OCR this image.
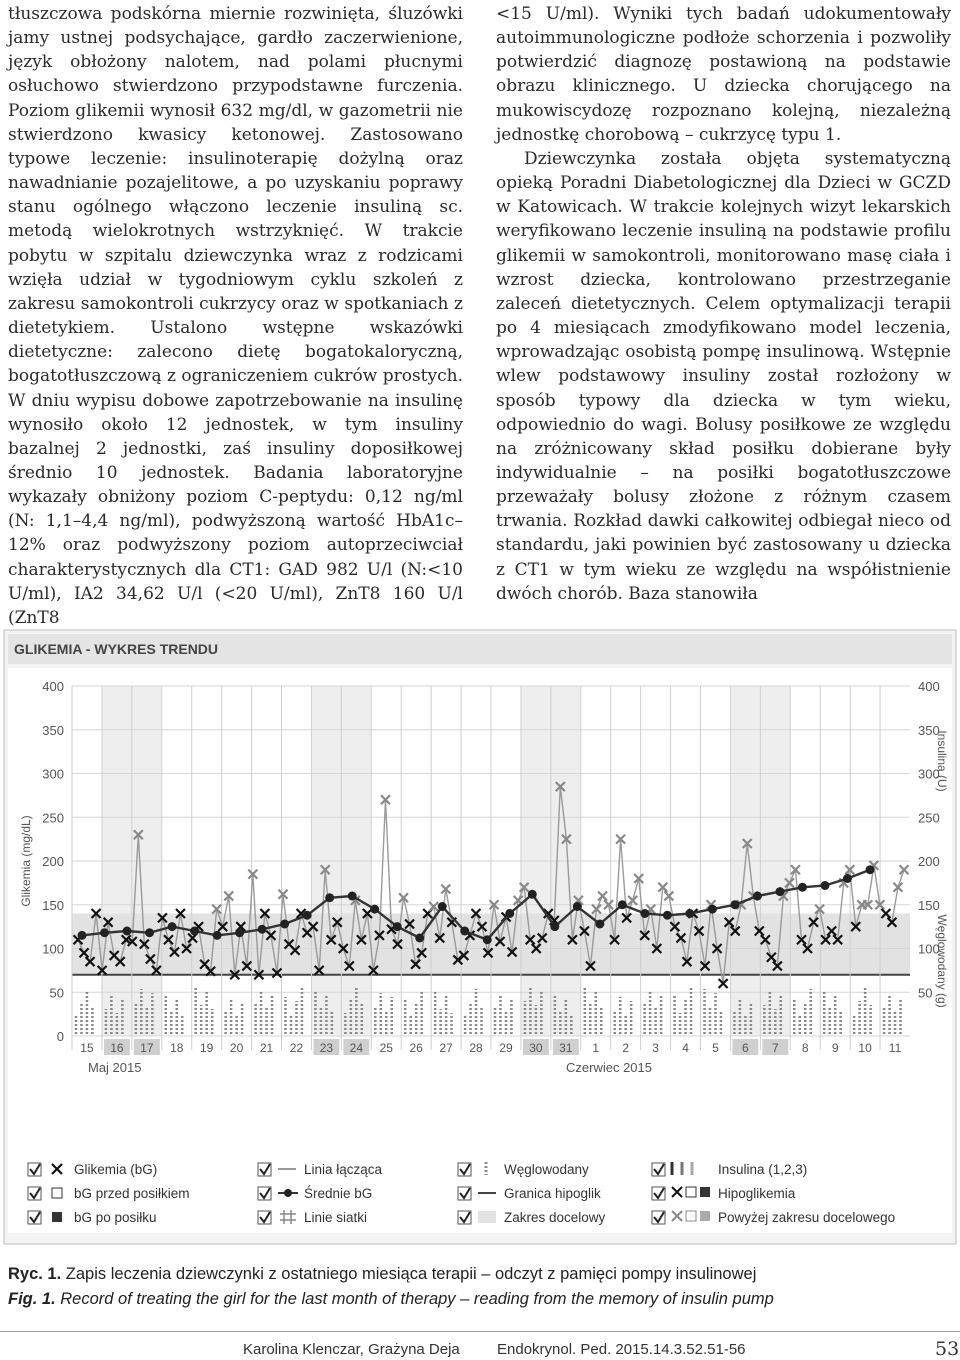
tłuszczowa podskórna miernie rozwinięta, śluzówki jamy ustnej podsychające, gardło zaczerwienione, język obłożony nalotem, nad polami płucnymi osłuchowo stwierdzono przypodstawne furczenia. Poziom glikemii wynosił 632 mg/dl, w gazometrii nie stwierdzono kwasicy ketonowej. Zastosowano typowe leczenie: insulinoterapię dożylną oraz nawadnianie pozajelitowe, a po uzyskaniu poprawy stanu ogólnego włączono leczenie insuliną sc. metodą wielokrotnych wstrzyknięć. W trakcie pobytu w szpitalu dziewczynka wraz z rodzicami wzięła udział w tygodniowym cyklu szkoleń z zakresu samokontroli cukrzycy oraz w spotkaniach z dietetykiem. Ustalono wstępne wskazówki dietetyczne: zalecono dietę bogatokaloryczną, bogatotłuszczową z ograniczeniem cukrów prostych. W dniu wypisu dobowe zapotrzebowanie na insulinę wynosiło około 12 jednostek, w tym insuliny bazalnej 2 jednostki, zaś insuliny doposiłkowej średnio 10 jednostek. Badania laboratoryjne wykazały obniżony poziom C-peptydu: 0,12 ng/ml (N: 1,1–4,4 ng/ml), podwyższoną wartość HbA1c– 12% oraz podwyższony poziom autoprzeciwciał charakterystycznych dla CT1: GAD 982 U/l (N:<10 U/ml), IA2 34,62 U/l (<20 U/ml), ZnT8 160 U/l (ZnT8

<15 U/ml). Wyniki tych badań udokumentowały autoimmunologiczne podłoże schorzenia i pozwoliły potwierdzić diagnozę postawioną na podstawie obrazu klinicznego. U dziecka chorującego na mukowiscydozę rozpoznano kolejną, niezależną jednostkę chorobową – cukrzycę typu 1.

Dziewczynka została objęta systematyczną opieką Poradni Diabetologicznej dla Dzieci w GCZD w Katowicach. W trakcie kolejnych wizyt lekarskich weryfikowano leczenie insuliną na podstawie profilu glikemii w samokontroli, monitorowano masę ciała i wzrost dziecka, kontrolowano przestrzeganie zaleceń dietetycznych. Celem optymalizacji terapii po 4 miesiącach zmodyfikowano model leczenia, wprowadzając osobistą pompę insulinową. Wstępnie wlew podstawowy insuliny został rozłożony w sposób typowy dla dziecka w tym wieku, odpowiednio do wagi. Bolusy posiłkowe ze względu na zróżnicowany skład posiłku dobierane były indywidualnie – na posiłki bogatotłuszczowe przeważały bolusy złożone z różnym czasem trwania. Rozkład dawki całkowitej odbiegał nieco od standardu, jaki powinien być zastosowany u dziecka z CT1 w tym wieku ze względu na współistnienie dwóch chorób. Baza stanowiła

GLIKEMIA - WYKRES TRENDU
0
50
100
150
200
250
300
350
400
15 16 17 18 19 20 21 22 23 24 25 26 27 28 29 30 31 1 2 3 4 5 6 7 8 9 10 11
50
100
150
200
250
300
350
400
Glikemia (mg/dL)
Insulina (U)
Węglowodany (g)
Maj 2015	Czerwiec 2015
Glikemia (bG)	Linia łącząca	Węglowodany	Insulina (1,2,3)
bG przed posiłkiem	Średnie bG	Granica hipoglik	Hipoglikemia
bG po posiłku	Linie siatki	Zakres docelowy	Powyżej zakresu docelowego
Ryc. 1. Zapis leczenia dziewczynki z ostatniego miesiąca terapii – odczyt z pamięci pompy insulinowej
Fig. 1. Record of treating the girl for the last month of therapy – reading from the memory of insulin pump
Karolina Klenczar, Grażyna Deja Endokrynol. Ped. 2015.14.3.52.51-56	53
